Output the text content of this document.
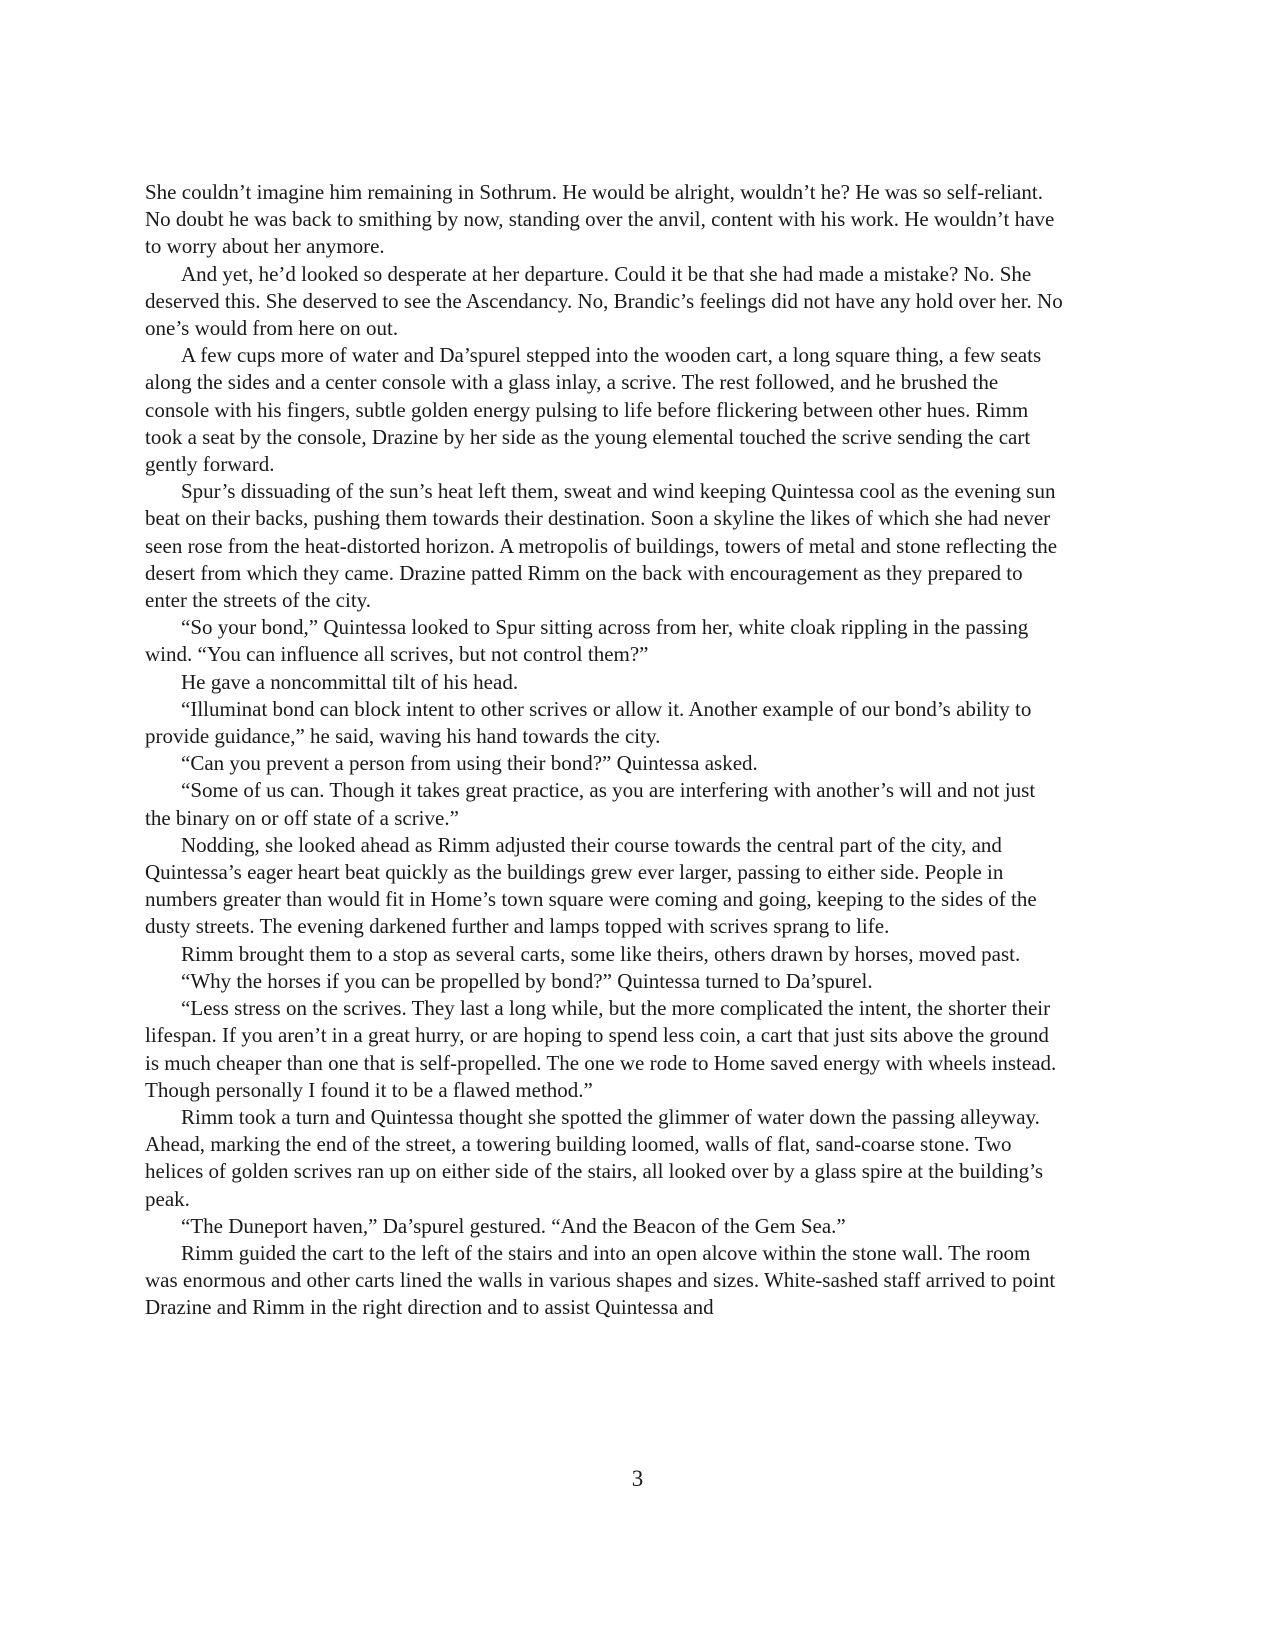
She couldn’t imagine him remaining in Sothrum. He would be alright, wouldn’t he? He was so self-reliant. No doubt he was back to smithing by now, standing over the anvil, content with his work. He wouldn’t have to worry about her anymore.

And yet, he’d looked so desperate at her departure. Could it be that she had made a mistake? No. She deserved this. She deserved to see the Ascendancy. No, Brandic’s feelings did not have any hold over her. No one’s would from here on out.

A few cups more of water and Da’spurel stepped into the wooden cart, a long square thing, a few seats along the sides and a center console with a glass inlay, a scrive. The rest followed, and he brushed the console with his fingers, subtle golden energy pulsing to life before flickering between other hues. Rimm took a seat by the console, Drazine by her side as the young elemental touched the scrive sending the cart gently forward.

Spur’s dissuading of the sun’s heat left them, sweat and wind keeping Quintessa cool as the evening sun beat on their backs, pushing them towards their destination. Soon a skyline the likes of which she had never seen rose from the heat-distorted horizon. A metropolis of buildings, towers of metal and stone reflecting the desert from which they came. Drazine patted Rimm on the back with encouragement as they prepared to enter the streets of the city.

“So your bond,” Quintessa looked to Spur sitting across from her, white cloak rippling in the passing wind. “You can influence all scrives, but not control them?”

He gave a noncommittal tilt of his head.

“Illuminat bond can block intent to other scrives or allow it. Another example of our bond’s ability to provide guidance,” he said, waving his hand towards the city.

“Can you prevent a person from using their bond?” Quintessa asked.

“Some of us can. Though it takes great practice, as you are interfering with another’s will and not just the binary on or off state of a scrive.”

Nodding, she looked ahead as Rimm adjusted their course towards the central part of the city, and Quintessa’s eager heart beat quickly as the buildings grew ever larger, passing to either side. People in numbers greater than would fit in Home’s town square were coming and going, keeping to the sides of the dusty streets. The evening darkened further and lamps topped with scrives sprang to life.

Rimm brought them to a stop as several carts, some like theirs, others drawn by horses, moved past.

“Why the horses if you can be propelled by bond?” Quintessa turned to Da’spurel.

“Less stress on the scrives. They last a long while, but the more complicated the intent, the shorter their lifespan. If you aren’t in a great hurry, or are hoping to spend less coin, a cart that just sits above the ground is much cheaper than one that is self-propelled. The one we rode to Home saved energy with wheels instead. Though personally I found it to be a flawed method.”

Rimm took a turn and Quintessa thought she spotted the glimmer of water down the passing alleyway. Ahead, marking the end of the street, a towering building loomed, walls of flat, sand-coarse stone. Two helices of golden scrives ran up on either side of the stairs, all looked over by a glass spire at the building’s peak.

“The Duneport haven,” Da’spurel gestured. “And the Beacon of the Gem Sea.”

Rimm guided the cart to the left of the stairs and into an open alcove within the stone wall. The room was enormous and other carts lined the walls in various shapes and sizes. White-sashed staff arrived to point Drazine and Rimm in the right direction and to assist Quintessa and

3
